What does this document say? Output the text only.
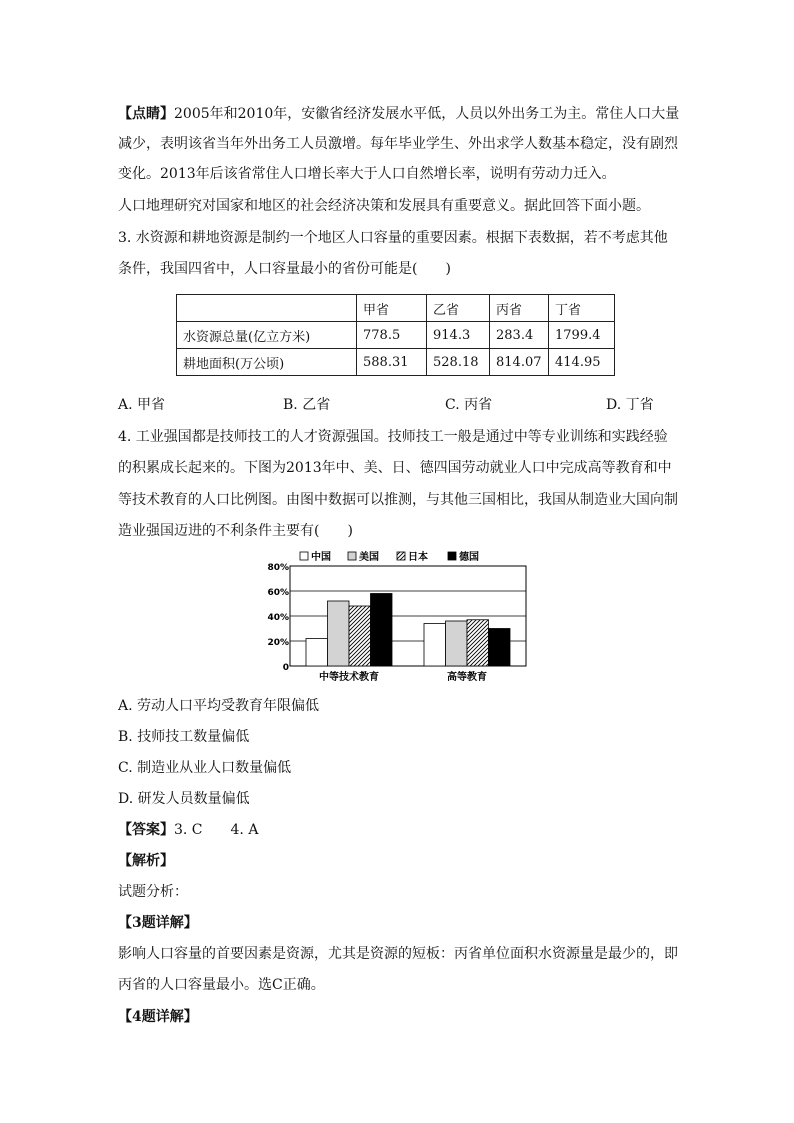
【点睛】2005年和2010年，安徽省经济发展水平低，人员以外出务工为主。常住人口大量
减少，表明该省当年外出务工人员激增。每年毕业学生、外出求学人数基本稳定，没有剧烈
变化。2013年后该省常住人口增长率大于人口自然增长率，说明有劳动力迁入。
人口地理研究对国家和地区的社会经济决策和发展具有重要意义。据此回答下面小题。
3. 水资源和耕地资源是制约一个地区人口容量的重要因素。根据下表数据，若不考虑其他
条件，我国四省中，人口容量最小的省份可能是(　　)
	甲省	乙省	丙省	丁省
水资源总量(亿立方米)	778.5	914.3	283.4	1799.4
耕地面积(万公顷)	588.31	528.18	814.07	414.95
A. 甲省	B. 乙省	C. 丙省	D. 丁省
4. 工业强国都是技师技工的人才资源强国。技师技工一般是通过中等专业训练和实践经验
的积累成长起来的。下图为2013年中、美、日、德四国劳动就业人口中完成高等教育和中
等技术教育的人口比例图。由图中数据可以推测，与其他三国相比，我国从制造业大国向制
造业强国迈进的不利条件主要有(　　)
中国	美国	日本	德国
0
20%
40%
60%
80%
中等技术教育	高等教育
A. 劳动人口平均受教育年限偏低
B. 技师技工数量偏低
C. 制造业从业人口数量偏低
D. 研发人员数量偏低
【答案】3. C　　4. A
【解析】
试题分析：
【3题详解】
影响人口容量的首要因素是资源，尤其是资源的短板：丙省单位面积水资源量是最少的，即
丙省的人口容量最小。选C正确。
【4题详解】
